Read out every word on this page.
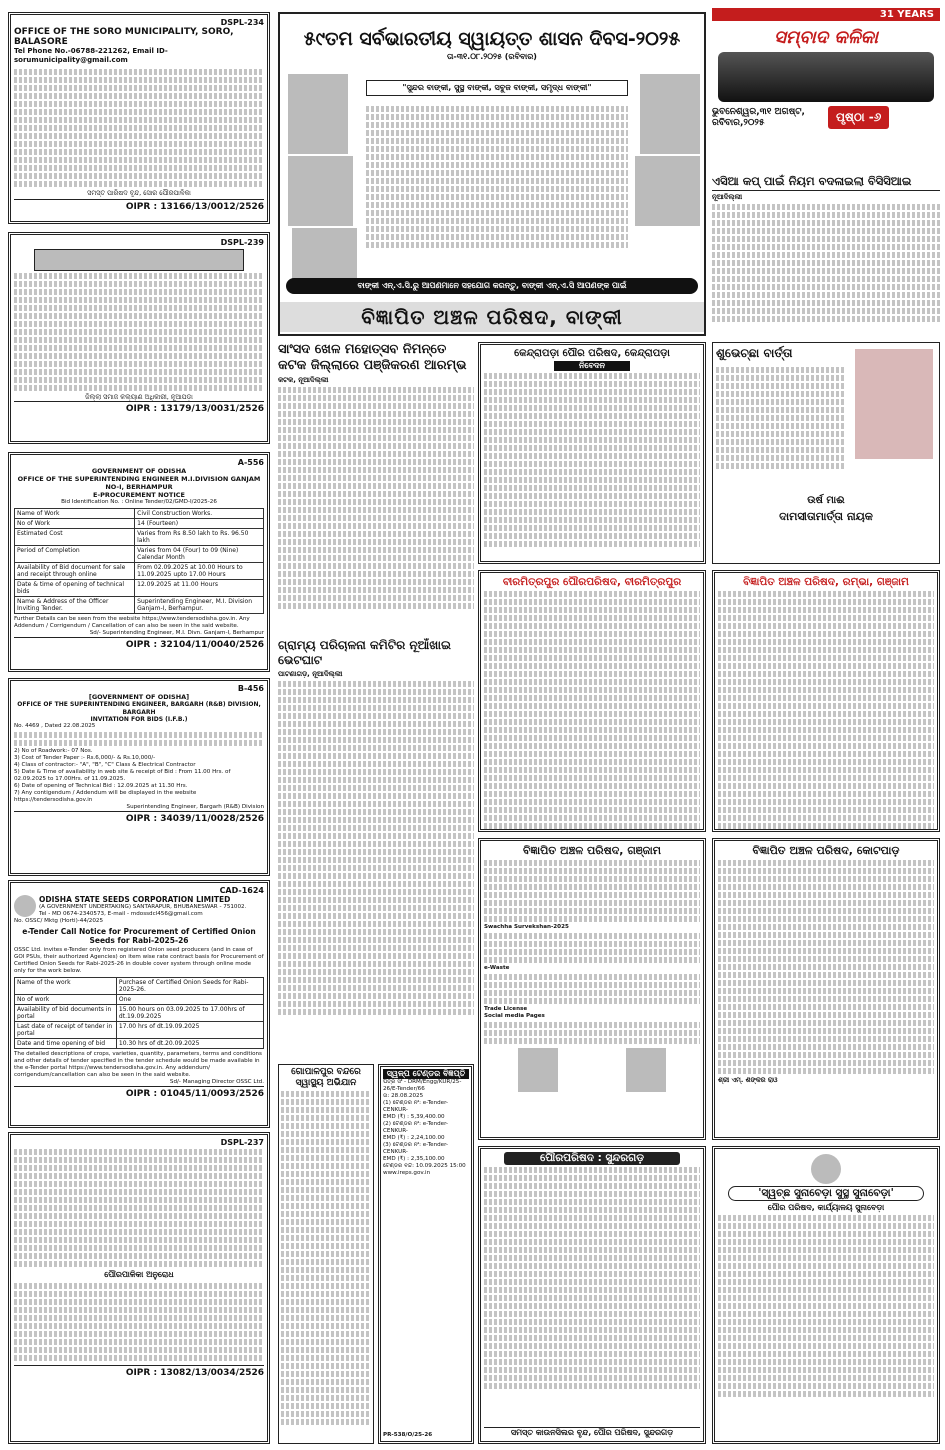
DSPL-234
OFFICE OF THE SORO MUNICIPALITY, SORO, BALASORE
Tel Phone No.-06788-221262, Email ID-sorumunicipality@gmail.com
ସମସ୍ତ ପାରିଷଦ ବୃନ୍ଦ, ସୋର ପୌରପାଳିକା
OIPR : 13166/13/0012/2526
DSPL-239
ଜିଲ୍ଲା ସମାଜ କଲ୍ୟାଣ ଅଧିକାରୀ, ନୂଆପଡ଼ା
OIPR : 13179/13/0031/2526
A-556
GOVERNMENT OF ODISHA
OFFICE OF THE SUPERINTENDING ENGINEER M.I.DIVISION GANJAM NO-I, BERHAMPUR
E-PROCUREMENT NOTICE
Bid Identification No. : Online Tender/02/GMD-I/2025-26
Name of Work	Civil Construction Works.
No of Work	14 (Fourteen)
Estimated Cost	Varies from Rs 8.50 lakh to Rs. 96.50 lakh
Period of Completion	Varies from 04 (Four) to 09 (Nine) Calendar Month
Availability of Bid document for sale and receipt through online	From 02.09.2025 at 10.00 Hours to 11.09.2025 upto 17.00 Hours
Date & time of opening of technical bids	12.09.2025 at 11.00 Hours
Name & Address of the Officer Inviting Tender.	Superintending Engineer, M.I. Division Ganjam-I, Berhampur.
Further Details can be seen from the website https://www.tendersodisha.gov.in. Any Addendum / Corrigendum / Cancellation of can also be seen in the said website.
Sd/- Superintending Engineer, M.I. Divn. Ganjam-I, Berhampur
OIPR : 32104/11/0040/2526
B-456
[GOVERNMENT OF ODISHA]
OFFICE OF THE SUPERINTENDING ENGINEER, BARGARH (R&B) DIVISION, BARGARH
INVITATION FOR BIDS (I.F.B.)
No. 4469 , Dated 22.08.2025
2) No of Roadwork:- 07 Nos.
3) Cost of Tender Paper :- Rs.6,000/- & Rs.10,000/-
4) Class of contractor:- "A", "B", "C" Class & Electrical Contractor
5) Date & Time of availability in web site & receipt of Bid : From 11.00 Hrs. of 02.09.2025 to 17.00Hrs. of 11.09.2025.
6) Date of opening of Technical Bid : 12.09.2025 at 11.30 Hrs.
7) Any contigendum / Addendum will be displayed in the website https://tendersodisha.gov.in
Superintending Engineer, Bargarh (R&B) Division
OIPR : 34039/11/0028/2526
CAD-1624
ODISHA STATE SEEDS CORPORATION LIMITED
(A GOVERNMENT UNDERTAKING) SANTARAPUR, BHUBANESWAR - 751002.
Tel - MD 0674-2340573, E-mail - mdossdcl456@gmail.com
No. OSSC/ Mktg (Horti)-44/2025
e-Tender Call Notice for Procurement of Certified Onion Seeds for Rabi-2025-26
OSSC Ltd. invites e-Tender only from registered Onion seed producers (and in case of GOI PSUs, their authorized Agencies) on item wise rate contract basis for Procurement of Certified Onion Seeds for Rabi-2025-26 in double cover system through online mode only for the work below.
Name of the work	Purchase of Certified Onion Seeds for Rabi-2025-26.
No of work	One
Availability of bid documents in portal	15.00 hours on 03.09.2025 to 17.00hrs of dt.19.09.2025
Last date of receipt of tender in portal	17.00 hrs of dt.19.09.2025
Date and time opening of bid	10.30 hrs of dt.20.09.2025
The detailed descriptions of crops, varieties, quantity, parameters, terms and conditions and other details of tender specified in the tender schedule would be made available in the e-Tender portal https://www.tendersodisha.gov.in. Any addendum/ corrigendum/cancellation can also be seen in the said website.
Sd/- Managing Director OSSC Ltd.
OIPR : 01045/11/0093/2526
DSPL-237
ପୌରପାଳିକା ଅନୁରୋଧ
OIPR : 13082/13/0034/2526
୫୯ତମ ସର୍ବଭାରତୀୟ ସ୍ୱାୟତ୍ତ ଶାସନ ଦିବସ-୨୦୨୫
ତା-୩୧.୦୮.୨୦୨୫ (ରବିବାର)
"ସୁନ୍ଦର ବାଙ୍କୀ, ସୁସ୍ଥ ବାଙ୍କୀ, ସବୁଜ ବାଙ୍କୀ, ସମୃଦ୍ଧ ବାଙ୍କୀ"
ବାଙ୍କୀ ଏନ୍.ଏ.ସି.ରୁ ଆପଣମାନେ ସହଯୋଗ କରନ୍ତୁ, ବାଙ୍କୀ ଏନ୍.ଏ.ସି ଆପଣଙ୍କ ପାଇଁ
ବିଜ୍ଞାପିତ ଅଞ୍ଚଳ ପରିଷଦ, ବାଙ୍କୀ
31 YEARS
ସମ୍ବାଦ କଳିକା
ଭୁବନେଶ୍ୱର,୩୧ ଅଗଷ୍ଟ, ରବିବାର,୨୦୨୫	ପୃଷ୍ଠା -୬
ଏସିଆ କପ୍ ପାଇଁ ନିୟମ ବଦଳାଇଲା ବିସିସିଆଇ
ନୂଆଦିଲ୍ଲୀ
ସାଂସଦ ଖେଳ ମହୋତ୍ସବ ନିମନ୍ତେ କଟକ ଜିଲ୍ଲାରେ ପଞ୍ଜିକରଣ ଆରମ୍ଭ
କଟକ, ନୂଆଦିଲ୍ଲୀ
ଗ୍ରାମ୍ୟ ପରିଚାଳନା କମିଟିର ନୂଆଁଖାଇ ଭେଟଘାଟ
ପାଟଣାଗଡ଼, ନୂଆଦିଲ୍ଲୀ
ଗୋପାଳପୁର ବନ୍ଦରେ ସ୍ୱାସ୍ଥ୍ୟ ଅଭିଯାନ
ସ୍ୱଳ୍ପ ଟେଣ୍ଡର ବିଜ୍ଞପ୍ତି
ପତ୍ର ସଂ - DRM/Engg/KUR/25-26/E-Tender/66
ତା: 28.08.2025
(1) ଟେଣ୍ଡର ନଂ: e-Tender-CENKUR-
EMD (₹) : 5,39,400.00
(2) ଟେଣ୍ଡର ନଂ: e-Tender-CENKUR-
EMD (₹) : 2,24,100.00
(3) ଟେଣ୍ଡର ନଂ: e-Tender-CENKUR-
EMD (₹) : 2,35,100.00
ଟେଣ୍ଡର ବନ୍ଦ: 10.09.2025 15:00
www.ireps.gov.in
PR-538/O/25-26
କେନ୍ଦ୍ରାପଡ଼ା ପୌର ପରିଷଦ, କେନ୍ଦ୍ରାପଡ଼ା
ନିବେଦନ
ଶୁଭେଚ୍ଛା ବାର୍ତ୍ତା
ଉର୍ଷ ମାଈ
ଦାମସୀତାମାର୍ତ୍ତା ନାୟକ
ବୀରମିତ୍ରପୁର ପୌରପରିଷଦ, ବୀରମିତ୍ରପୁର	ବିଜ୍ଞାପିତ ଅଞ୍ଚଳ ପରିଷଦ, ରମ୍ଭା, ଗଞ୍ଜାମ
ବିଜ୍ଞାପିତ ଅଞ୍ଚଳ ପରିଷଦ, ଗଞ୍ଜାମ
Swachha Survekshan-2025
e-Waste
Trade License
Social media Pages
ବିଜ୍ଞାପିତ ଅଞ୍ଚଳ ପରିଷଦ, କୋଟପାଡ଼
ଶ୍ରୀ ଏମ୍. ଶଙ୍କର ରାଓ
ପୌରପରିଷଦ : ସୁନ୍ଦରଗଡ଼
ସମସ୍ତ କାଉନସିଲର ବୃନ୍ଦ, ପୌର ପରିଷଦ, ସୁନ୍ଦରଗଡ଼
'ସ୍ୱଚ୍ଛ ସୁନାବେଡ଼ା ସୁସ୍ଥ ସୁନାବେଡ଼ା'
ପୌର ପରିଷଦ, କାର୍ଯ୍ୟାଳୟ ସୁନାବେଡ଼ା
